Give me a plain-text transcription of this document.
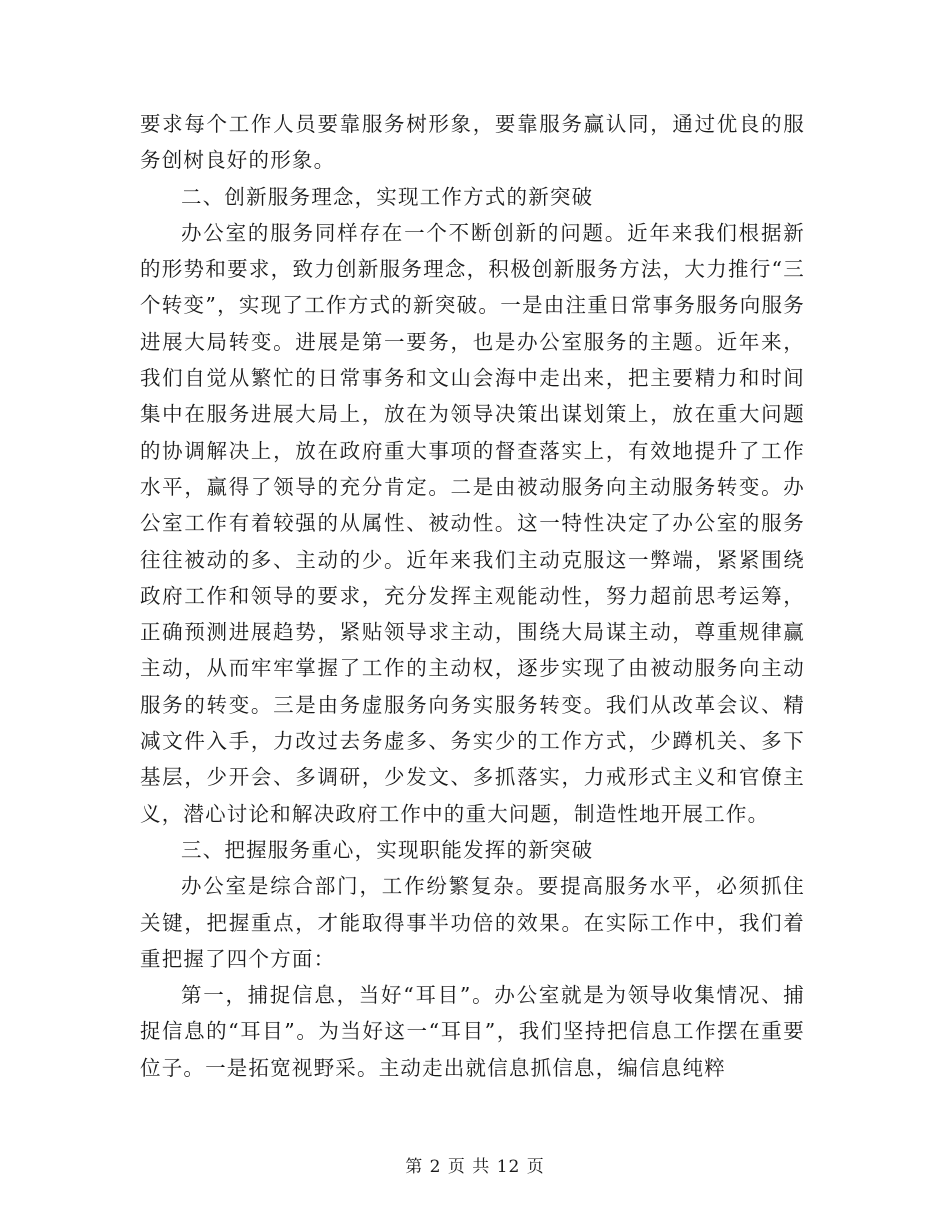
要求每个工作人员要靠服务树形象，要靠服务赢认同，通过优良的服务创树良好的形象。

二、创新服务理念，实现工作方式的新突破

办公室的服务同样存在一个不断创新的问题。近年来我们根据新的形势和要求，致力创新服务理念，积极创新服务方法，大力推行“三个转变”，实现了工作方式的新突破。一是由注重日常事务服务向服务进展大局转变。进展是第一要务，也是办公室服务的主题。近年来，我们自觉从繁忙的日常事务和文山会海中走出来，把主要精力和时间集中在服务进展大局上，放在为领导决策出谋划策上，放在重大问题的协调解决上，放在政府重大事项的督查落实上，有效地提升了工作水平，赢得了领导的充分肯定。二是由被动服务向主动服务转变。办公室工作有着较强的从属性、被动性。这一特性决定了办公室的服务往往被动的多、主动的少。近年来我们主动克服这一弊端，紧紧围绕政府工作和领导的要求，充分发挥主观能动性，努力超前思考运筹，正确预测进展趋势，紧贴领导求主动，围绕大局谋主动，尊重规律赢主动，从而牢牢掌握了工作的主动权，逐步实现了由被动服务向主动服务的转变。三是由务虚服务向务实服务转变。我们从改革会议、精减文件入手，力改过去务虚多、务实少的工作方式，少蹲机关、多下基层，少开会、多调研，少发文、多抓落实，力戒形式主义和官僚主义，潜心讨论和解决政府工作中的重大问题，制造性地开展工作。

三、把握服务重心，实现职能发挥的新突破

办公室是综合部门，工作纷繁复杂。要提高服务水平，必须抓住关键，把握重点，才能取得事半功倍的效果。在实际工作中，我们着重把握了四个方面：

第一，捕捉信息，当好“耳目”。办公室就是为领导收集情况、捕捉信息的“耳目”。为当好这一“耳目”，我们坚持把信息工作摆在重要位子。一是拓宽视野采。主动走出就信息抓信息，编信息纯粹

第 2 页 共 12 页
